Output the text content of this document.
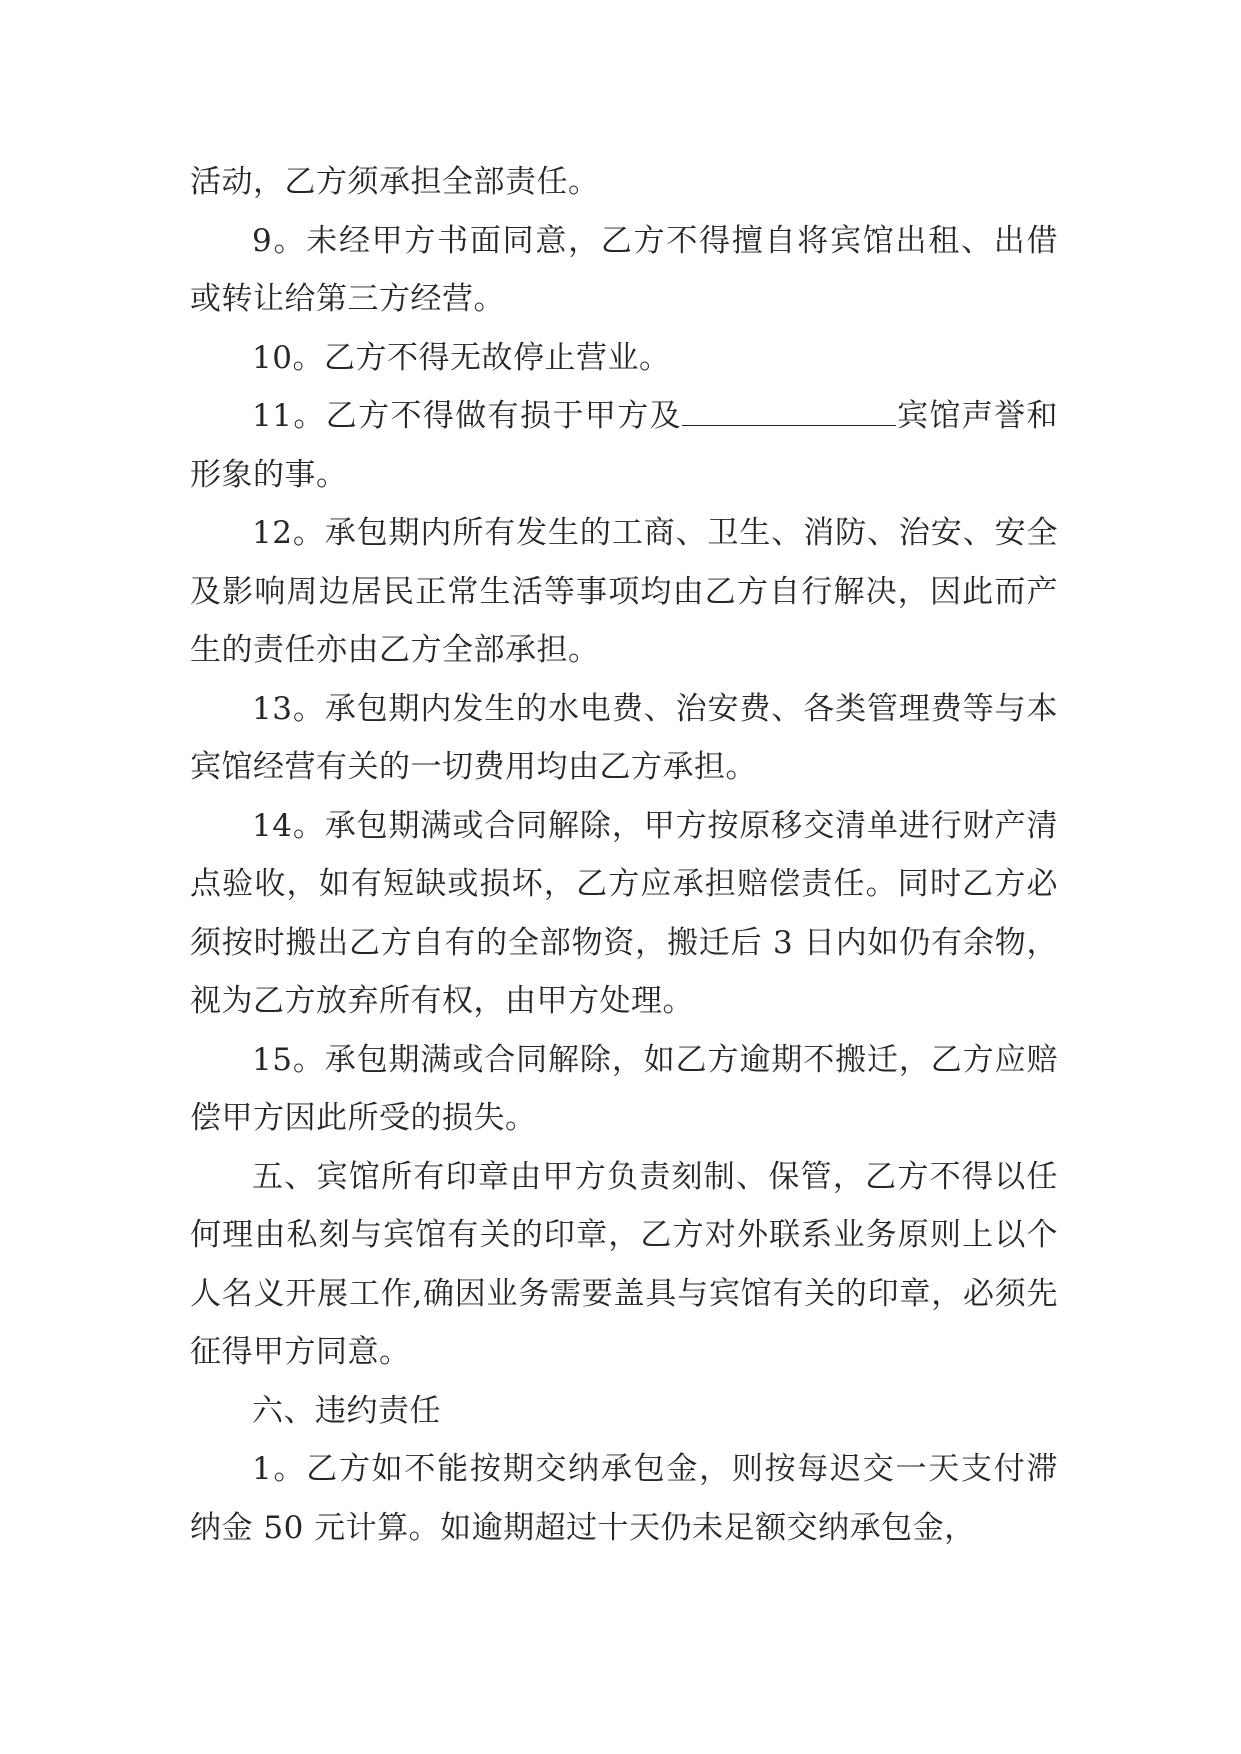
活动，乙方须承担全部责任。

9。未经甲方书面同意，乙方不得擅自将宾馆出租、出借或转让给第三方经营。

10。乙方不得无故停止营业。

11。乙方不得做有损于甲方及	宾馆声誉和形象的事。

12。承包期内所有发生的工商、卫生、消防、治安、安全及影响周边居民正常生活等事项均由乙方自行解决，因此而产生的责任亦由乙方全部承担。

13。承包期内发生的水电费、治安费、各类管理费等与本宾馆经营有关的一切费用均由乙方承担。

14。承包期满或合同解除，甲方按原移交清单进行财产清点验收，如有短缺或损坏，乙方应承担赔偿责任。同时乙方必须按时搬出乙方自有的全部物资，搬迁后 3 日内如仍有余物，视为乙方放弃所有权，由甲方处理。

15。承包期满或合同解除，如乙方逾期不搬迁，乙方应赔偿甲方因此所受的损失。

五、宾馆所有印章由甲方负责刻制、保管，乙方不得以任何理由私刻与宾馆有关的印章，乙方对外联系业务原则上以个人名义开展工作,确因业务需要盖具与宾馆有关的印章，必须先征得甲方同意。

六、违约责任

1。乙方如不能按期交纳承包金，则按每迟交一天支付滞纳金 50 元计算。如逾期超过十天仍未足额交纳承包金，
